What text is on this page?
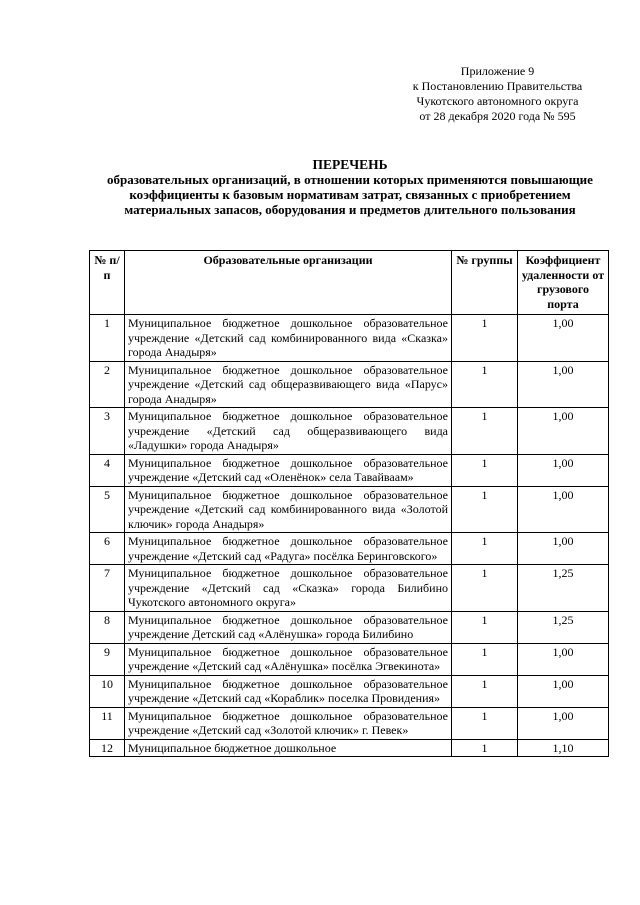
Приложение 9
к Постановлению Правительства
Чукотского автономного округа
от 28 декабря 2020 года № 595
ПЕРЕЧЕНЬ
образовательных организаций, в отношении которых применяются повышающие коэффициенты к базовым нормативам затрат, связанных с приобретением материальных запасов, оборудования и предметов длительного пользования
№ п/п	Образовательные организации	№ группы	Коэффициент удаленности от грузового порта
1	Муниципальное бюджетное дошкольное образовательное учреждение «Детский сад комбинированного вида «Сказка» города Анадыря»	1	1,00
2	Муниципальное бюджетное дошкольное образовательное учреждение «Детский сад общеразвивающего вида «Парус» города Анадыря»	1	1,00
3	Муниципальное бюджетное дошкольное образовательное учреждение «Детский сад общеразвивающего вида «Ладушки» города Анадыря»	1	1,00
4	Муниципальное бюджетное дошкольное образовательное учреждение «Детский сад «Оленёнок» села Тавайваам»	1	1,00
5	Муниципальное бюджетное дошкольное образовательное учреждение «Детский сад комбинированного вида «Золотой ключик» города Анадыря»	1	1,00
6	Муниципальное бюджетное дошкольное образовательное учреждение «Детский сад «Радуга» посёлка Беринговского»	1	1,00
7	Муниципальное бюджетное дошкольное образовательное учреждение «Детский сад «Сказка» города Билибино Чукотского автономного округа»	1	1,25
8	Муниципальное бюджетное дошкольное образовательное учреждение Детский сад «Алёнушка» города Билибино	1	1,25
9	Муниципальное бюджетное дошкольное образовательное учреждение «Детский сад «Алёнушка» посёлка Эгвекинота»	1	1,00
10	Муниципальное бюджетное дошкольное образовательное учреждение «Детский сад «Кораблик» поселка Провидения»	1	1,00
11	Муниципальное бюджетное дошкольное образовательное учреждение «Детский сад «Золотой ключик» г. Певек»	1	1,00
12	Муниципальное бюджетное дошкольное	1	1,10
